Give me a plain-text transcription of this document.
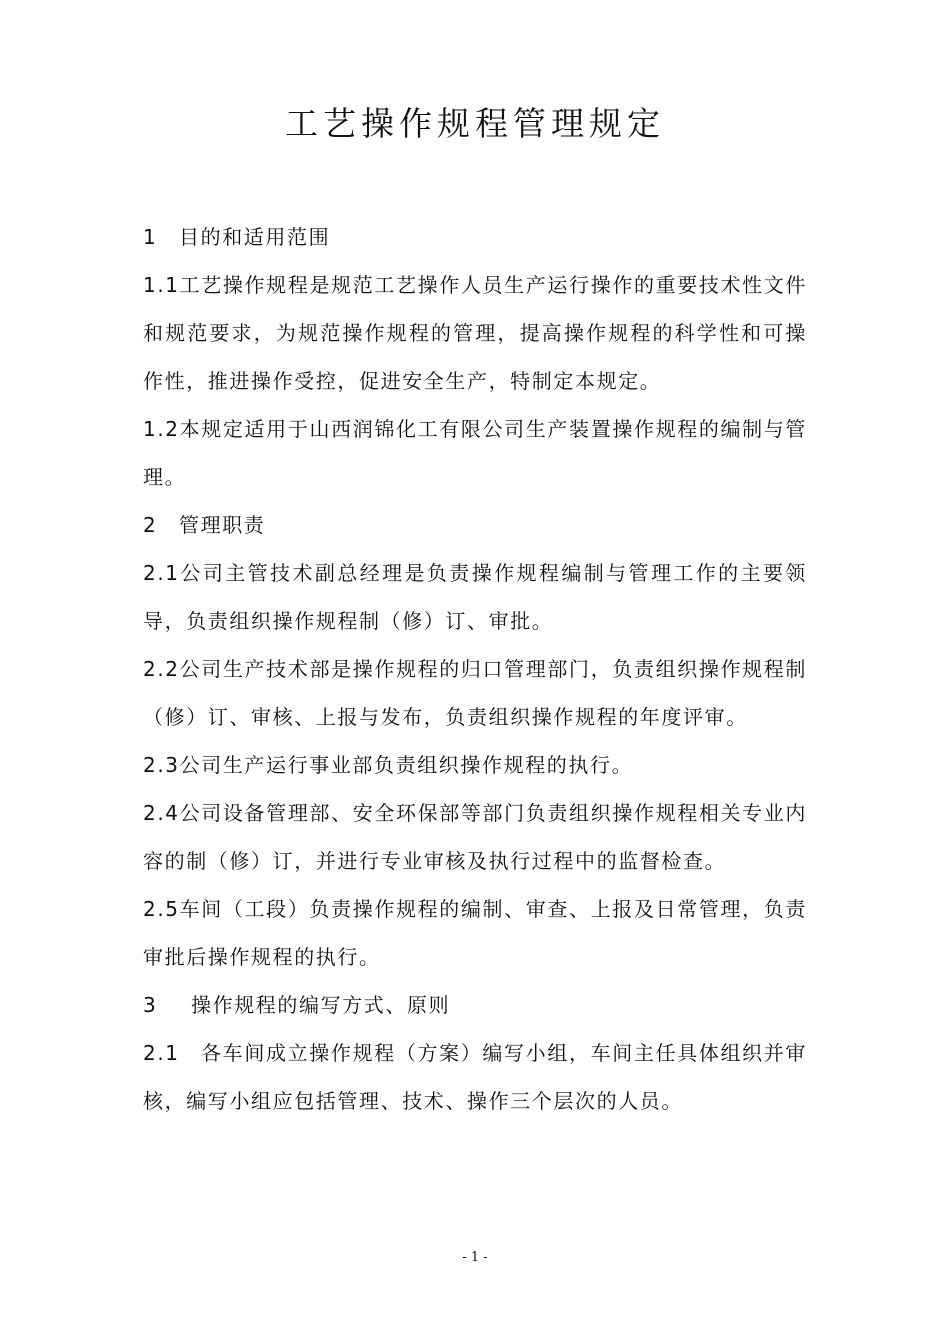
工艺操作规程管理规定

1 目的和适用范围

1.1工艺操作规程是规范工艺操作人员生产运行操作的重要技术性文件和规范要求，为规范操作规程的管理，提高操作规程的科学性和可操作性，推进操作受控，促进安全生产，特制定本规定。

1.2本规定适用于山西润锦化工有限公司生产装置操作规程的编制与管理。

2 管理职责

2.1公司主管技术副总经理是负责操作规程编制与管理工作的主要领导，负责组织操作规程制（修）订、审批。

2.2公司生产技术部是操作规程的归口管理部门，负责组织操作规程制（修）订、审核、上报与发布，负责组织操作规程的年度评审。

2.3公司生产运行事业部负责组织操作规程的执行。

2.4公司设备管理部、安全环保部等部门负责组织操作规程相关专业内容的制（修）订，并进行专业审核及执行过程中的监督检查。

2.5车间（工段）负责操作规程的编制、审查、上报及日常管理，负责审批后操作规程的执行。

3 操作规程的编写方式、原则

2.1 各车间成立操作规程（方案）编写小组，车间主任具体组织并审核，编写小组应包括管理、技术、操作三个层次的人员。

- 1 -
